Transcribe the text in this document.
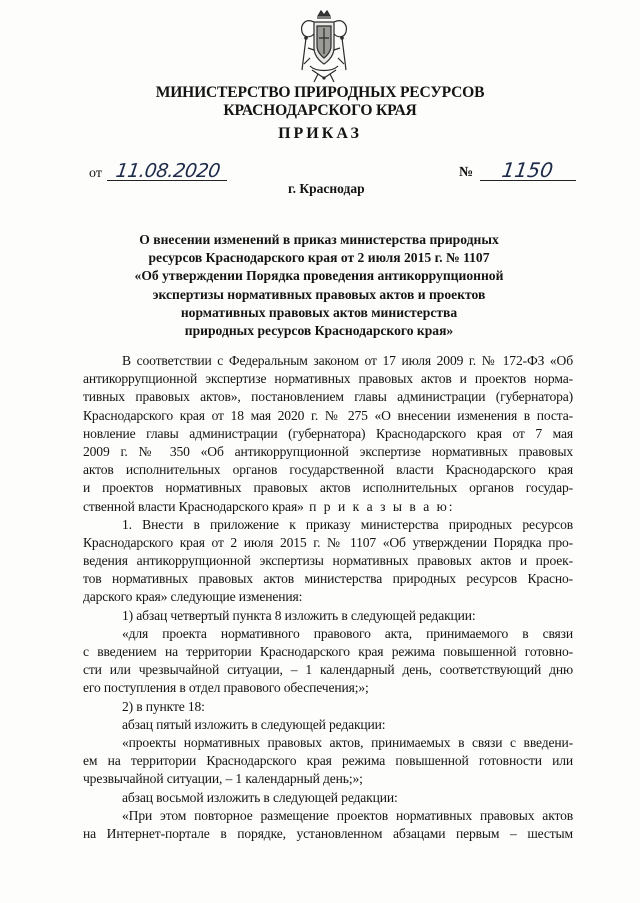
МИНИСТЕРСТВО ПРИРОДНЫХ РЕСУРСОВ
КРАСНОДАРСКОГО КРАЯ
ПРИКАЗ
от 11.08.2020	№ 1150
г. Краснодар
О внесении изменений в приказ министерства природных
ресурсов Краснодарского края от 2 июля 2015 г. № 1107
«Об утверждении Порядка проведения антикоррупционной
экспертизы нормативных правовых актов и проектов
нормативных правовых актов министерства
природных ресурсов Краснодарского края»
В соответствии с Федеральным законом от 17 июля 2009 г. № 172-ФЗ «Об
антикоррупционной экспертизе нормативных правовых актов и проектов норма-
тивных правовых актов», постановлением главы администрации (губернатора)
Краснодарского края от 18 мая 2020 г. № 275 «О внесении изменения в поста-
новление главы администрации (губернатора) Краснодарского края от 7 мая
2009 г. № 350 «Об антикоррупционной экспертизе нормативных правовых
актов исполнительных органов государственной власти Краснодарского края
и проектов нормативных правовых актов исполнительных органов государ-
ственной власти Краснодарского края» п р и к а з ы в а ю:
1. Внести в приложение к приказу министерства природных ресурсов
Краснодарского края от 2 июля 2015 г. № 1107 «Об утверждении Порядка про-
ведения антикоррупционной экспертизы нормативных правовых актов и проек-
тов нормативных правовых актов министерства природных ресурсов Красно-
дарского края» следующие изменения:
1) абзац четвертый пункта 8 изложить в следующей редакции:
«для проекта нормативного правового акта, принимаемого в связи
с введением на территории Краснодарского края режима повышенной готовно-
сти или чрезвычайной ситуации, – 1 календарный день, соответствующий дню
его поступления в отдел правового обеспечения;»;
2) в пункте 18:
абзац пятый изложить в следующей редакции:
«проекты нормативных правовых актов, принимаемых в связи с введени-
ем на территории Краснодарского края режима повышенной готовности или
чрезвычайной ситуации, – 1 календарный день;»;
абзац восьмой изложить в следующей редакции:
«При этом повторное размещение проектов нормативных правовых актов
на Интернет-портале в порядке, установленном абзацами первым – шестым
